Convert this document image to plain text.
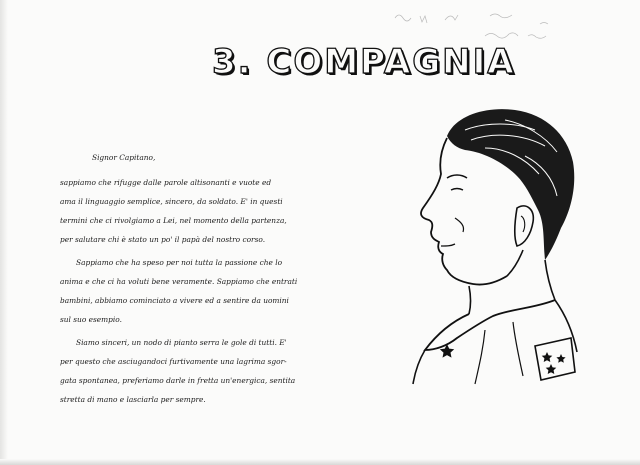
3. COMPAGNIA

Signor Capitano,

sappiamo che rifugge dalle parole altisonanti e vuote ed
ama il linguaggio semplice, sincero, da soldato. E' in questi
termini che ci rivolgiamo a Lei, nel momento della partenza,
per salutare chi è stato un po' il papà del nostro corso.

Sappiamo che ha speso per noi tutta la passione che lo
anima e che ci ha voluti bene veramente. Sappiamo che entrati
bambini, abbiamo cominciato a vivere ed a sentire da uomini
sul suo esempio.

Siamo sinceri, un nodo di pianto serra le gole di tutti. E'
per questo che asciugandoci furtivamente una lagrima sgor-
gata spontanea, preferiamo darle in fretta un'energica, sentita
stretta di mano e lasciarla per sempre.
